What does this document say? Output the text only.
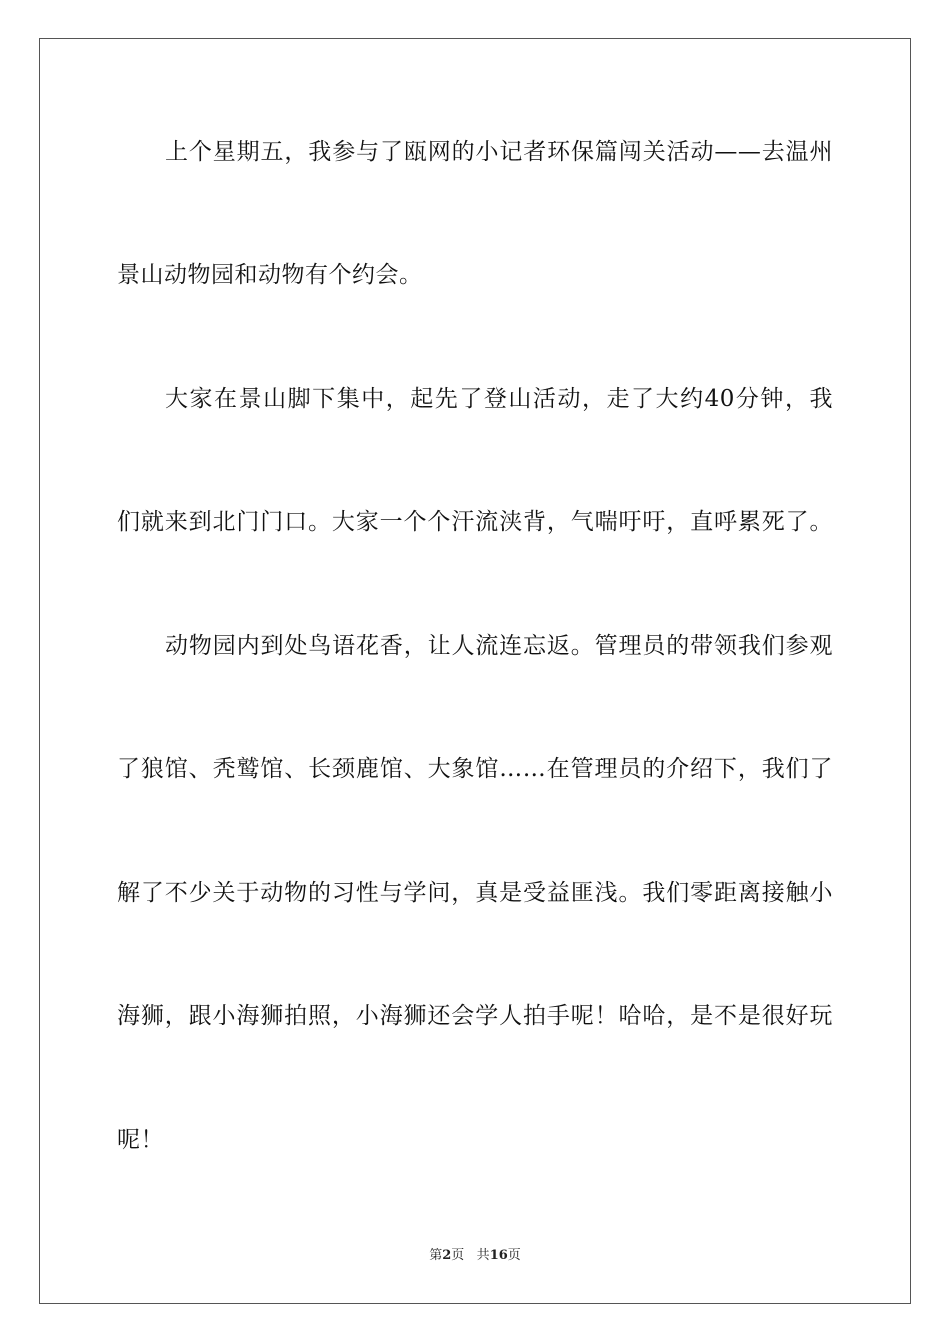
上个星期五，我参与了瓯网的小记者环保篇闯关活动——去温州
景山动物园和动物有个约会。
大家在景山脚下集中，起先了登山活动，走了大约40分钟，我
们就来到北门门口。大家一个个汗流浃背，气喘吁吁，直呼累死了。
动物园内到处鸟语花香，让人流连忘返。管理员的带领我们参观
了狼馆、秃鹫馆、长颈鹿馆、大象馆……在管理员的介绍下，我们了
解了不少关于动物的习性与学问，真是受益匪浅。我们零距离接触小
海狮，跟小海狮拍照，小海狮还会学人拍手呢！哈哈，是不是很好玩
呢！
第2页 共16页
